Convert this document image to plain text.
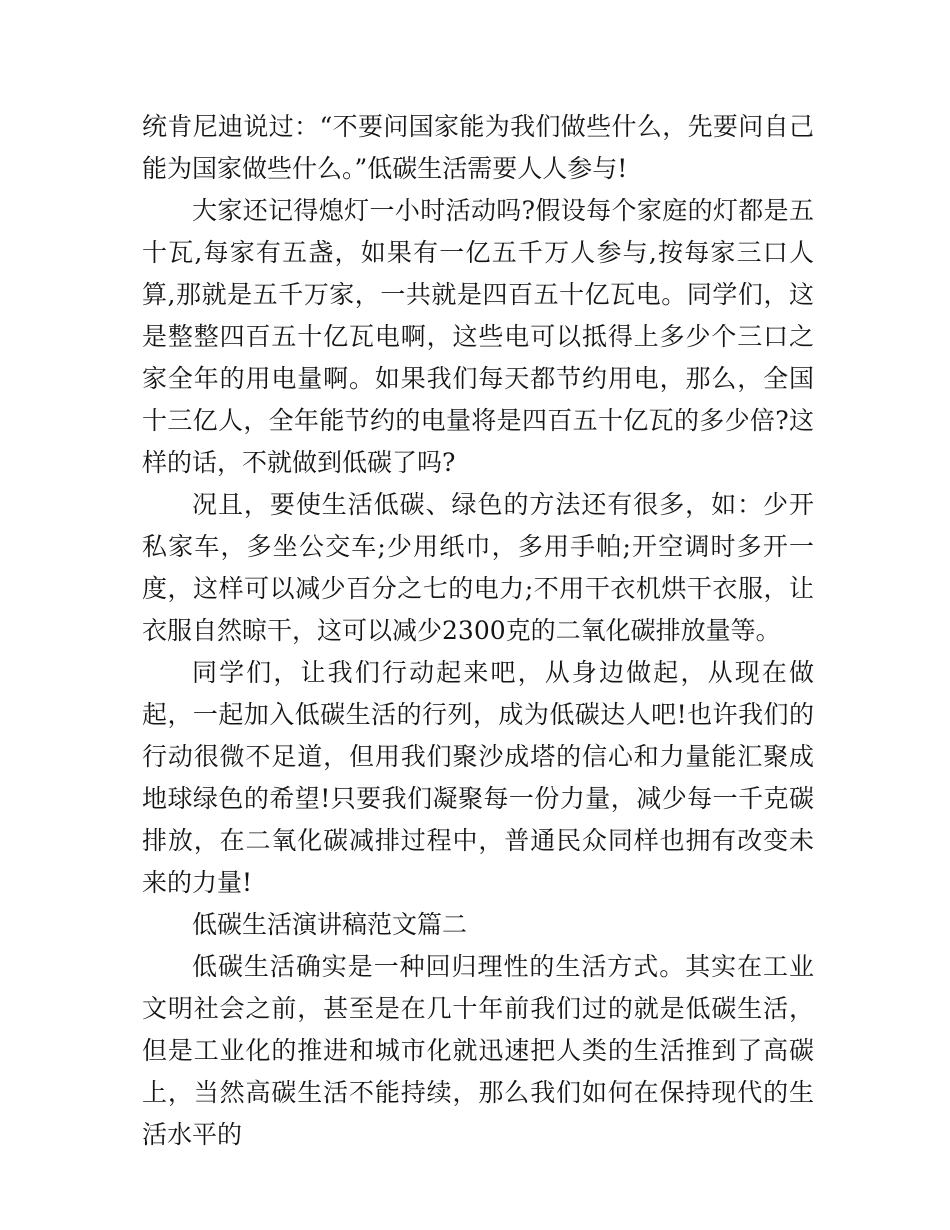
统肯尼迪说过：“不要问国家能为我们做些什么，先要问自己能为国家做些什么。”低碳生活需要人人参与!

大家还记得熄灯一小时活动吗?假设每个家庭的灯都是五十瓦,每家有五盏，如果有一亿五千万人参与,按每家三口人算,那就是五千万家，一共就是四百五十亿瓦电。同学们，这是整整四百五十亿瓦电啊，这些电可以抵得上多少个三口之家全年的用电量啊。如果我们每天都节约用电，那么，全国十三亿人，全年能节约的电量将是四百五十亿瓦的多少倍?这样的话，不就做到低碳了吗?

况且，要使生活低碳、绿色的方法还有很多，如：少开私家车，多坐公交车;少用纸巾，多用手帕;开空调时多开一度，这样可以减少百分之七的电力;不用干衣机烘干衣服，让衣服自然晾干，这可以减少2300克的二氧化碳排放量等。

同学们，让我们行动起来吧，从身边做起，从现在做起，一起加入低碳生活的行列，成为低碳达人吧!也许我们的行动很微不足道，但用我们聚沙成塔的信心和力量能汇聚成地球绿色的希望!只要我们凝聚每一份力量，减少每一千克碳排放，在二氧化碳减排过程中，普通民众同样也拥有改变未来的力量!

低碳生活演讲稿范文篇二

低碳生活确实是一种回归理性的生活方式。其实在工业文明社会之前，甚至是在几十年前我们过的就是低碳生活，但是工业化的推进和城市化就迅速把人类的生活推到了高碳上，当然高碳生活不能持续，那么我们如何在保持现代的生活水平的
